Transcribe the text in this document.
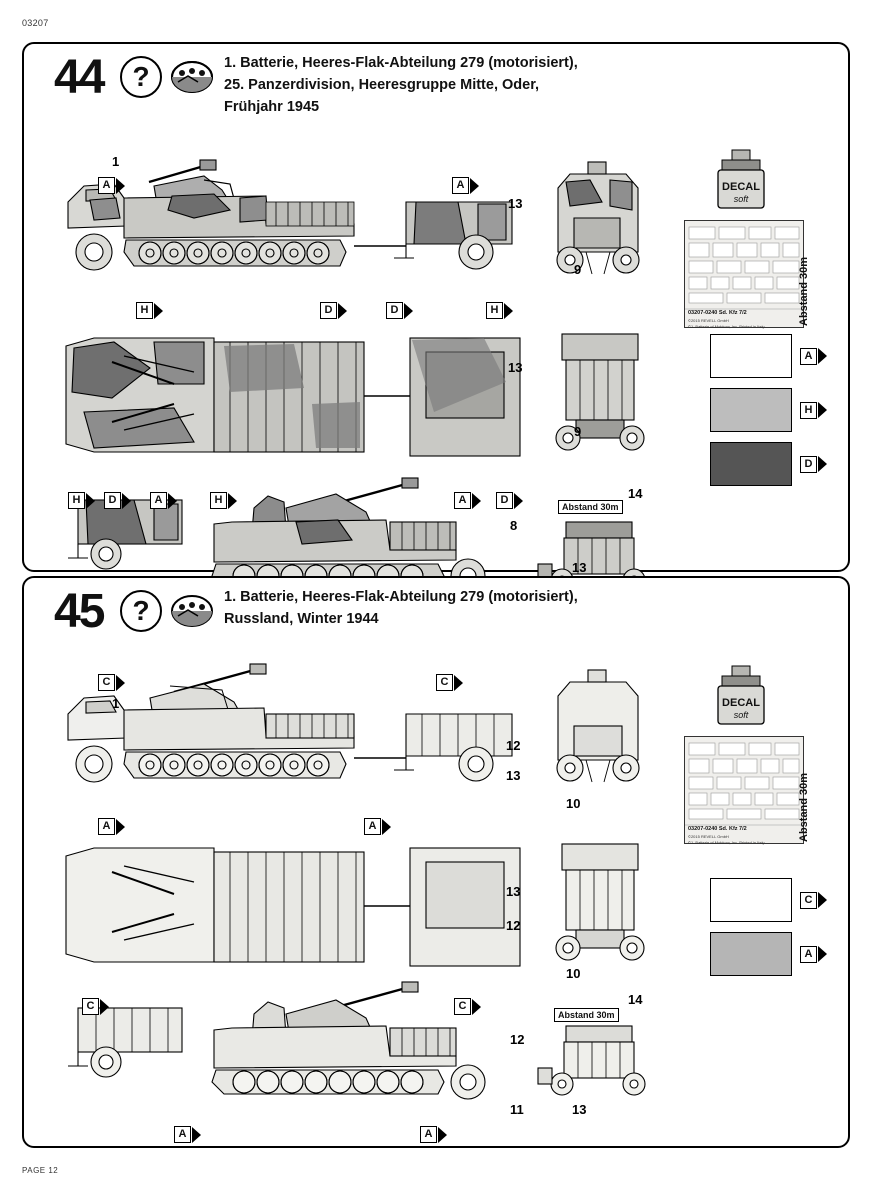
03207
PAGE 12
44	?	1. Batterie, Heeres-Flak-Abteilung 279 (motorisiert),
25. Panzerdivision, Heeresgruppe Mitte, Oder,
Frühjahr 1945
A	A
H	D	D	H
H	D	A	H	A	D
1
13
9
13
9
14
8
13
Abstand 30m
DECAL
soft
03207-0240 Sd. Kfz 7/2
©2015 REVELL GmbH
©1. Batterie of Mobkow, Inc. Printed in Italy
Abstand 30m
A
H
D
45	?	1. Batterie, Heeres-Flak-Abteilung 279 (motorisiert),
Russland, Winter 1944
C	C
A	A
C	C
A	A
1
12
13
10
13
12
10
14
12
11	13
Abstand 30m
DECAL
soft
03207-0240 Sd. Kfz 7/2
©2015 REVELL GmbH
©1. Batterie of Mobkow, Inc. Printed in Italy
Abstand 30m
C
A
